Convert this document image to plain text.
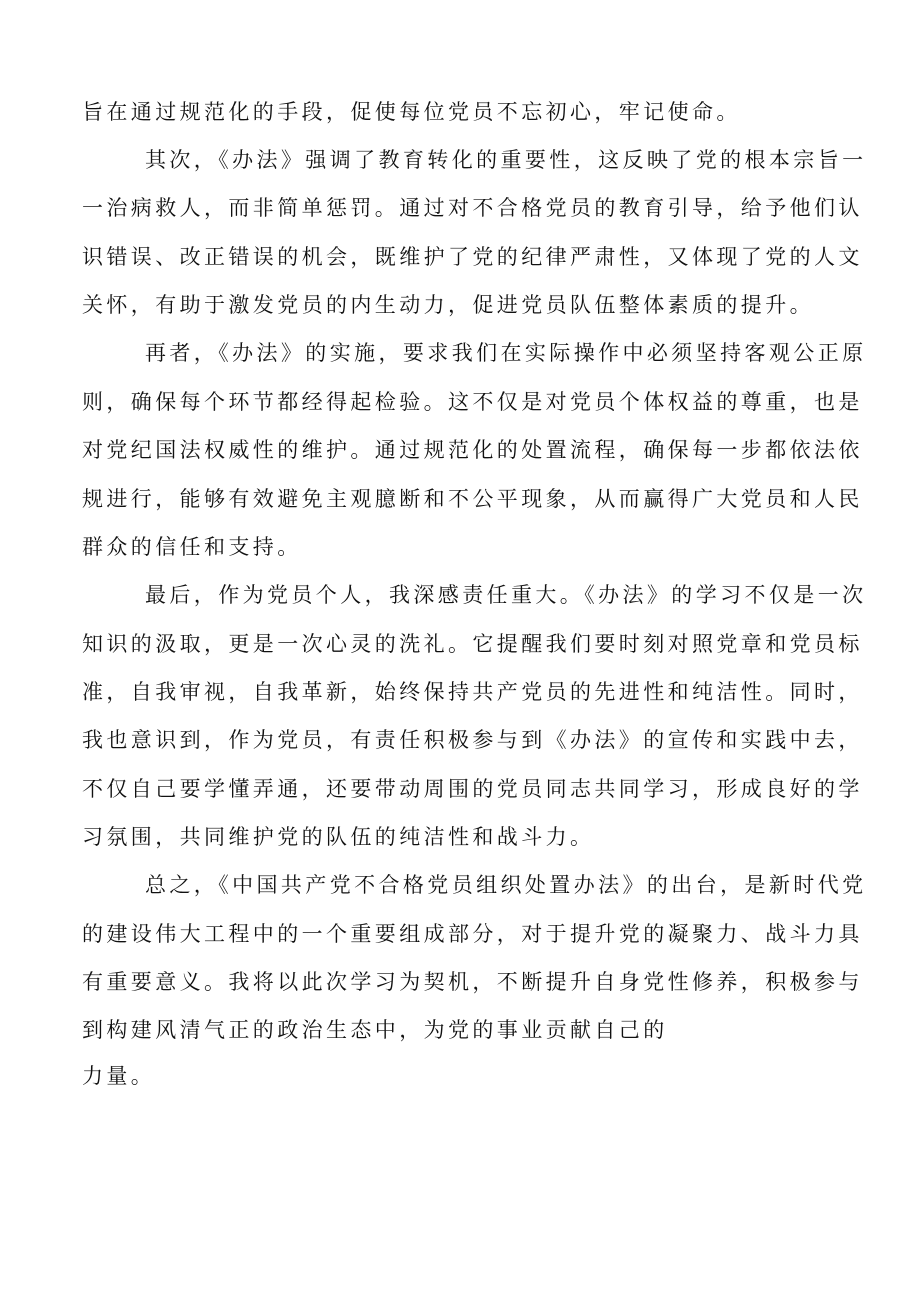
旨在通过规范化的手段，促使每位党员不忘初心，牢记使命。

其次，《办法》强调了教育转化的重要性，这反映了党的根本宗旨一

一治病救人，而非简单惩罚。通过对不合格党员的教育引导，给予他们认

识错误、改正错误的机会，既维护了党的纪律严肃性，又体现了党的人文

关怀，有助于激发党员的内生动力，促进党员队伍整体素质的提升。

再者，《办法》的实施，要求我们在实际操作中必须坚持客观公正原

则，确保每个环节都经得起检验。这不仅是对党员个体权益的尊重，也是

对党纪国法权威性的维护。通过规范化的处置流程，确保每一步都依法依

规进行，能够有效避免主观臆断和不公平现象，从而赢得广大党员和人民

群众的信任和支持。

最后，作为党员个人，我深感责任重大。《办法》的学习不仅是一次

知识的汲取，更是一次心灵的洗礼。它提醒我们要时刻对照党章和党员标

准，自我审视，自我革新，始终保持共产党员的先进性和纯洁性。同时，

我也意识到，作为党员，有责任积极参与到《办法》的宣传和实践中去，

不仅自己要学懂弄通，还要带动周围的党员同志共同学习，形成良好的学

习氛围，共同维护党的队伍的纯洁性和战斗力。

总之，《中国共产党不合格党员组织处置办法》的出台，是新时代党

的建设伟大工程中的一个重要组成部分，对于提升党的凝聚力、战斗力具

有重要意义。我将以此次学习为契机，不断提升自身党性修养，积极参与

到构建风清气正的政治生态中，为党的事业贡献自己的

力量。
